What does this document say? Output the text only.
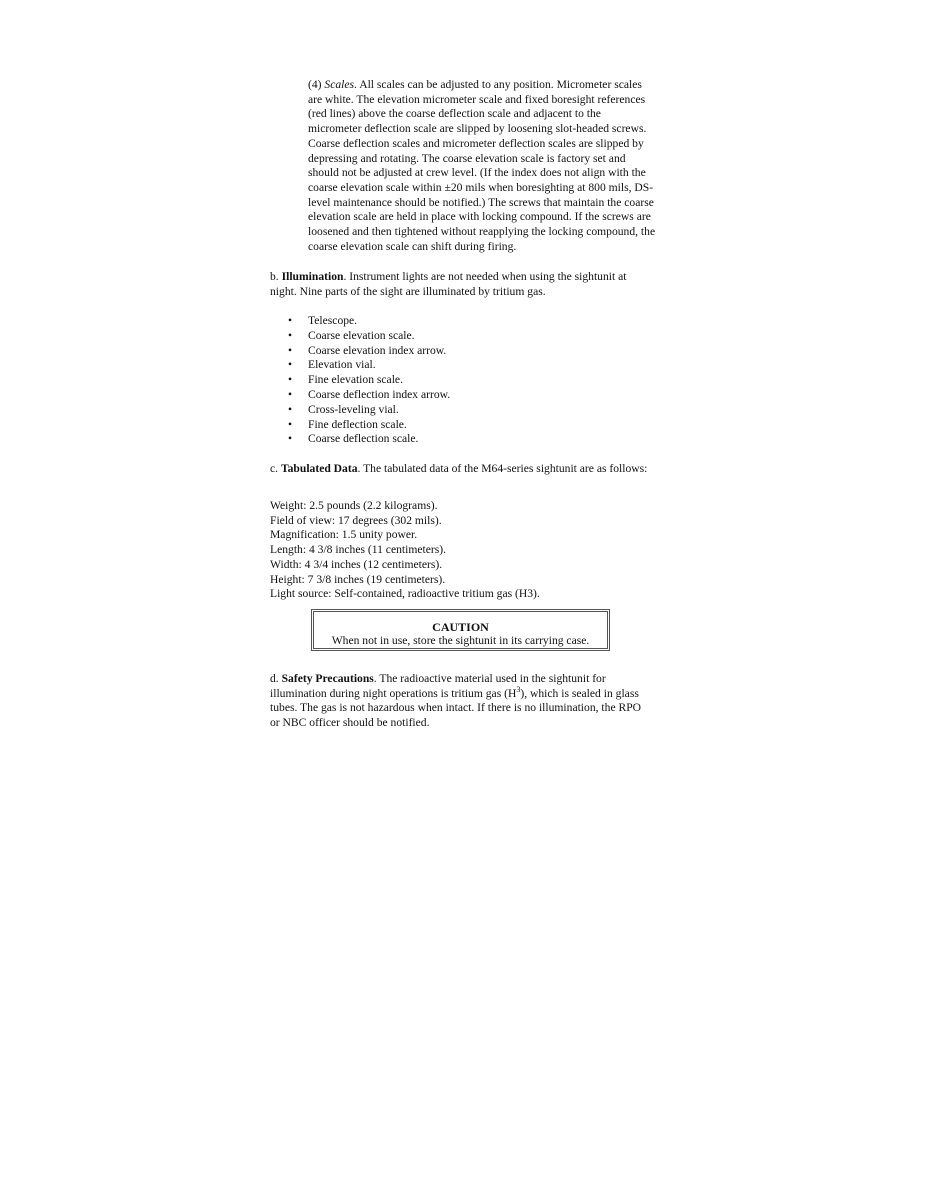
(4) Scales. All scales can be adjusted to any position. Micrometer scales
are white. The elevation micrometer scale and fixed boresight references
(red lines) above the coarse deflection scale and adjacent to the
micrometer deflection scale are slipped by loosening slot-headed screws.
Coarse deflection scales and micrometer deflection scales are slipped by
depressing and rotating. The coarse elevation scale is factory set and
should not be adjusted at crew level. (If the index does not align with the
coarse elevation scale within ±20 mils when boresighting at 800 mils, DS-
level maintenance should be notified.) The screws that maintain the coarse
elevation scale are held in place with locking compound. If the screws are
loosened and then tightened without reapplying the locking compound, the
coarse elevation scale can shift during firing.
b. Illumination. Instrument lights are not needed when using the sightunit at
night. Nine parts of the sight are illuminated by tritium gas.
• Telescope.
• Coarse elevation scale.
• Coarse elevation index arrow.
• Elevation vial.
• Fine elevation scale.
• Coarse deflection index arrow.
• Cross-leveling vial.
• Fine deflection scale.
• Coarse deflection scale.
c. Tabulated Data. The tabulated data of the M64-series sightunit are as follows:
Weight: 2.5 pounds (2.2 kilograms).
Field of view: 17 degrees (302 mils).
Magnification: 1.5 unity power.
Length: 4 3/8 inches (11 centimeters).
Width: 4 3/4 inches (12 centimeters).
Height: 7 3/8 inches (19 centimeters).
Light source: Self-contained, radioactive tritium gas (H3).
CAUTION
When not in use, store the sightunit in its carrying case.
d. Safety Precautions. The radioactive material used in the sightunit for
illumination during night operations is tritium gas $(H^3)$, which is sealed in glass
tubes. The gas is not hazardous when intact. If there is no illumination, the RPO
or NBC officer should be notified.
